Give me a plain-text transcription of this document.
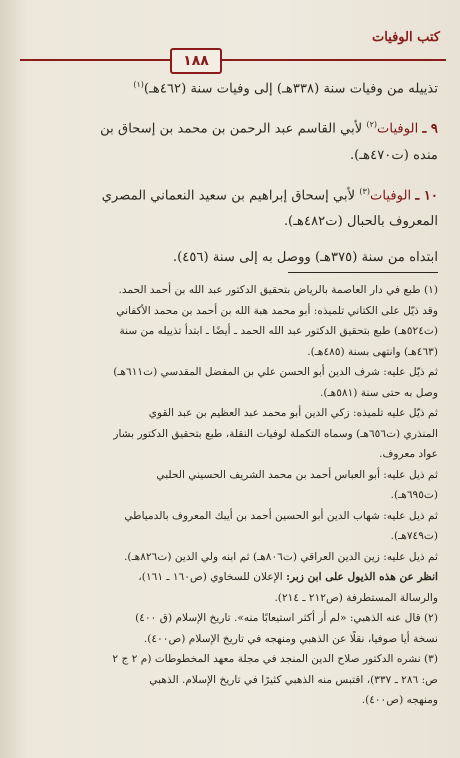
كتب الوفيات
١٨٨

تذييله من وفيات سنة (٣٣٨هـ) إلى وفيات سنة (٤٦٢هـ)$^{(١)}$

٩ ـ الوفيات$^{(٢)}$ لأبي القاسم عبد الرحمن بن محمد بن إسحاق بن

منده (ت٤٧٠هـ).

١٠ ـ الوفيات$^{(٣)}$ لأبي إسحاق إبراهيم بن سعيد النعماني المصري

المعروف بالحبال (ت٤٨٢هـ).

ابتداه من سنة (٣٧٥هـ) ووصل به إلى سنة (٤٥٦).

(١) طبع في دار العاصمة بالرياض بتحقيق الدكتور عبد الله بن أحمد الحمد.

وقد ذيّل على الكتاني تلميذه: أبو محمد هبة الله بن أحمد بن محمد الأكفاني

(ت٥٢٤هـ) طبع بتحقيق الدكتور عبد الله الحمد ـ أيضًا ـ ابتدأ تذييله من سنة

(٤٦٣هـ) وانتهى بسنة (٤٨٥هـ).

ثم ذيّل عليه: شرف الدين أبو الحسن علي بن المفضل المقدسي (ت٦١١هـ)

وصل به حتى سنة (٥٨١هـ).

ثم ذيّل عليه تلميذه: زكي الدين أبو محمد عبد العظيم بن عبد القوي

المنذري (ت٦٥٦هـ) وسماه التكملة لوفيات النقلة، طبع بتحقيق الدكتور بشار

عواد معروف.

ثم ذيل عليه: أبو العباس أحمد بن محمد الشريف الحسيني الحلبي

(ت٦٩٥هـ).

ثم ذيل عليه: شهاب الدين أبو الحسين أحمد بن أيبك المعروف بالدمياطي

(ت٧٤٩هـ).

ثم ذيل عليه: زين الدين العراقي (ت٨٠٦هـ) ثم ابنه ولي الدين (ت٨٢٦هـ).

انظر عن هذه الذيول على ابن زبر: الإعلان للسخاوي (ص١٦٠ ـ ١٦١)،

والرسالة المستطرفة (ص٢١٢ ـ ٢١٤).

(٢) قال عنه الذهبي: «لم أر أكثر استيعابًا منه». تاريخ الإسلام (ق ٤٠٠)

نسخة أيا صوفيا، نقلًا عن الذهبي ومنهجه في تاريخ الإسلام (ص٤٠٠).

(٣) نشره الدكتور صلاح الدين المنجد في مجلة معهد المخطوطات (م ٢ ج ٢

ص: ٢٨٦ ـ ٣٣٧)، اقتبس منه الذهبي كثيرًا في تاريخ الإسلام. الذهبي

ومنهجه (ص٤٠٠).
